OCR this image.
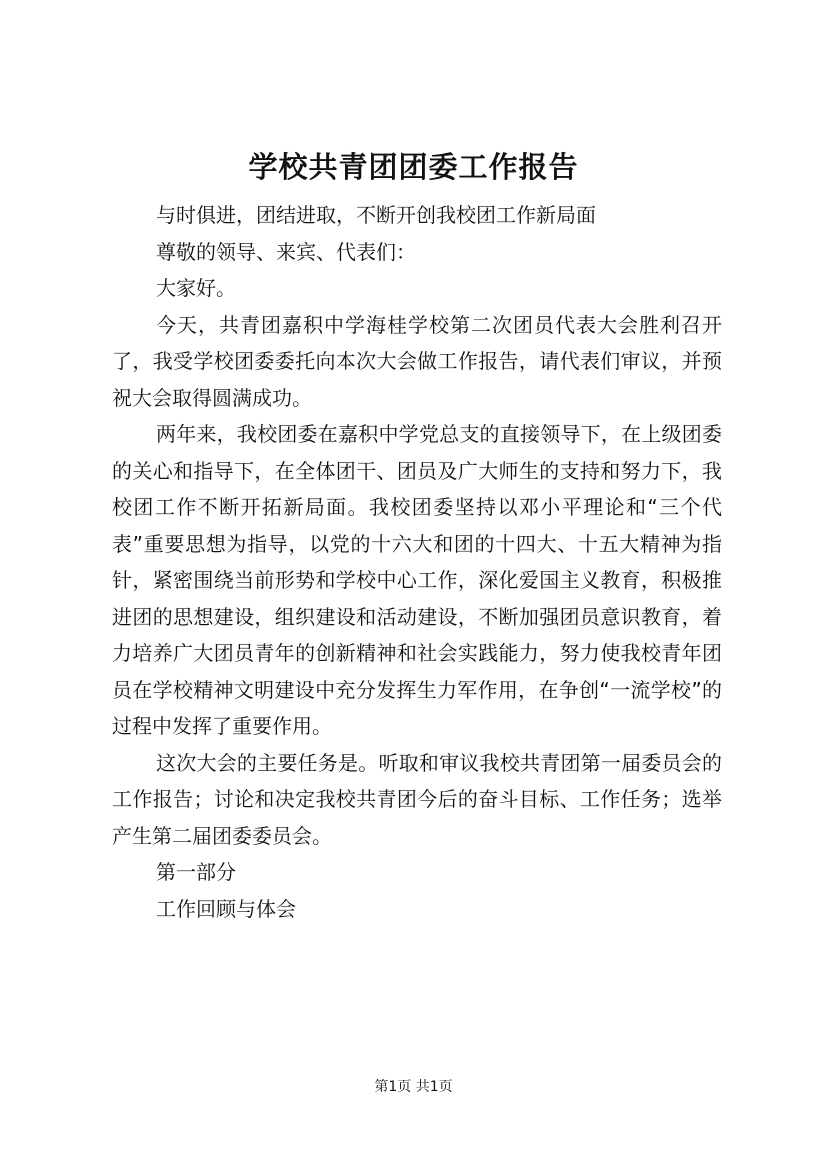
学校共青团团委工作报告

与时俱进，团结进取，不断开创我校团工作新局面

尊敬的领导、来宾、代表们：

大家好。

今天，共青团嘉积中学海桂学校第二次团员代表大会胜利召开了，我受学校团委委托向本次大会做工作报告，请代表们审议，并预祝大会取得圆满成功。

两年来，我校团委在嘉积中学党总支的直接领导下，在上级团委的关心和指导下，在全体团干、团员及广大师生的支持和努力下，我校团工作不断开拓新局面。我校团委坚持以邓小平理论和“三个代表”重要思想为指导，以党的十六大和团的十四大、十五大精神为指针，紧密围绕当前形势和学校中心工作，深化爱国主义教育，积极推进团的思想建设，组织建设和活动建设，不断加强团员意识教育，着力培养广大团员青年的创新精神和社会实践能力，努力使我校青年团员在学校精神文明建设中充分发挥生力军作用，在争创“一流学校”的过程中发挥了重要作用。

这次大会的主要任务是。听取和审议我校共青团第一届委员会的工作报告；讨论和决定我校共青团今后的奋斗目标、工作任务；选举产生第二届团委委员会。

第一部分

工作回顾与体会

第1页 共1页
